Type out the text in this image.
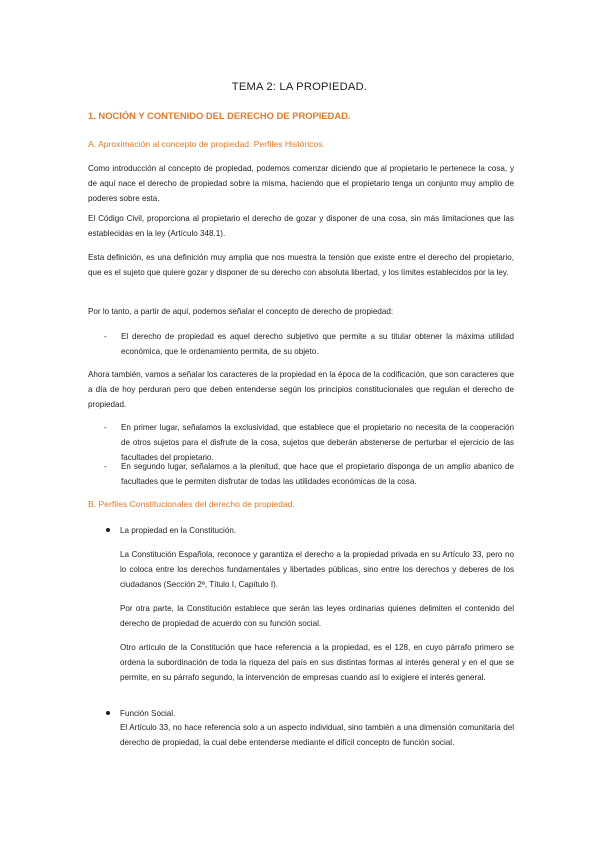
TEMA 2: LA PROPIEDAD.
1. NOCIÓN Y CONTENIDO DEL DERECHO DE PROPIEDAD.
A. Aproximación al concepto de propiedad. Perfiles Históricos.
Como introducción al concepto de propiedad, podemos comenzar diciendo que al propietario le pertenece la cosa, y de aquí nace el derecho de propiedad sobre la misma, haciendo que el propietario tenga un conjunto muy amplio de poderes sobre esta.
El Código Civil, proporciona al propietario el derecho de gozar y disponer de una cosa, sin más limitaciones que las establecidas en la ley (Artículo 348.1).
Esta definición, es una definición muy amplia que nos muestra la tensión que existe entre el derecho del propietario, que es el sujeto que quiere gozar y disponer de su derecho con absoluta libertad, y los límites establecidos por la ley.
Por lo tanto, a partir de aquí, podemos señalar el concepto de derecho de propiedad:
- El derecho de propiedad es aquel derecho subjetivo que permite a su titular obtener la máxima utilidad económica, que le ordenamiento permita, de su objeto.
Ahora también, vamos a señalar los caracteres de la propiedad en la época de la codificación, que son caracteres que a día de hoy perduran pero que deben entenderse según los principios constitucionales que regulan el derecho de propiedad.
- En primer lugar, señalamos la exclusividad, que establece que el propietario no necesita de la cooperación de otros sujetos para el disfrute de la cosa, sujetos que deberán abstenerse de perturbar el ejercicio de las facultades del propietario.
- En segundo lugar, señalamos a la plenitud, que hace que el propietario disponga de un amplio abanico de facultades que le permiten disfrutar de todas las utilidades económicas de la cosa.
B. Perfiles Constitucionales del derecho de propiedad.
La propiedad en la Constitución.
La Constitución Española, reconoce y garantiza el derecho a la propiedad privada en su Artículo 33, pero no lo coloca entre los derechos fundamentales y libertades públicas, sino entre los derechos y deberes de los ciudadanos (Sección 2ª, Título I, Capítulo I).
Por otra parte, la Constitución establece que serán las leyes ordinarias quienes delimiten el contenido del derecho de propiedad de acuerdo con su función social.
Otro artículo de la Constitución que hace referencia a la propiedad, es el 128, en cuyo párrafo primero se ordena la subordinación de toda la riqueza del país en sus distintas formas al interés general y en el que se permite, en su párrafo segundo, la intervención de empresas cuando así lo exigiere el interés general.
Función Social.
El Artículo 33, no hace referencia solo a un aspecto individual, sino también a una dimensión comunitaria del derecho de propiedad, la cual debe entenderse mediante el difícil concepto de función social.
